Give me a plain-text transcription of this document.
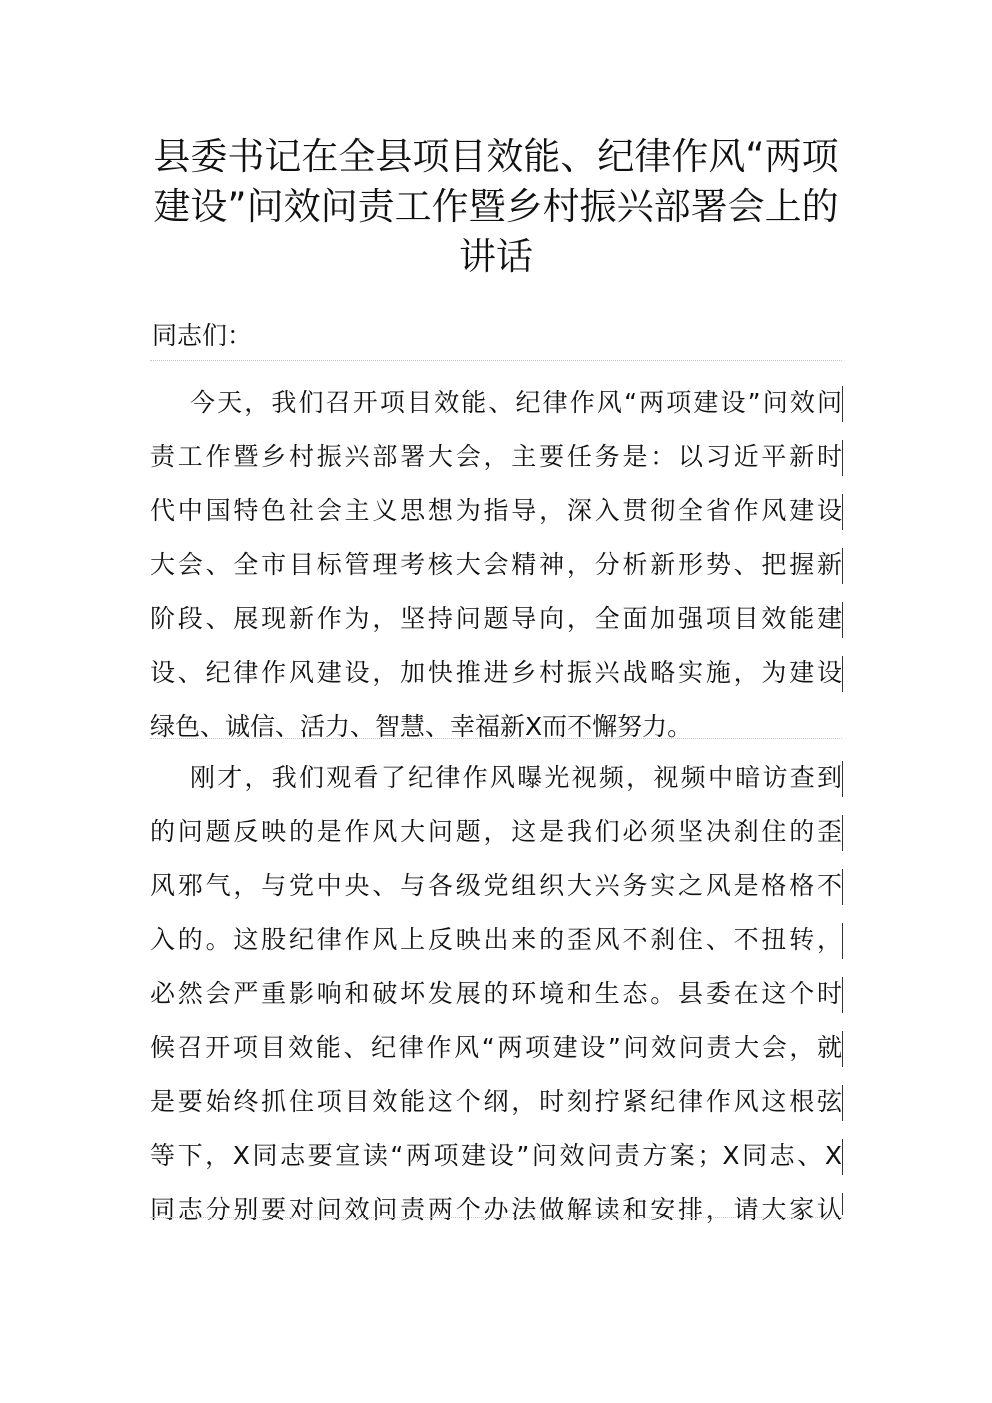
县委书记在全县项目效能、纪律作风“两项
建设”问效问责工作暨乡村振兴部署会上的
讲话

同志们：

今天，我们召开项目效能、纪律作风“两项建设”问效问
责工作暨乡村振兴部署大会，主要任务是：以习近平新时
代中国特色社会主义思想为指导，深入贯彻全省作风建设
大会、全市目标管理考核大会精神，分析新形势、把握新
阶段、展现新作为，坚持问题导向，全面加强项目效能建
设、纪律作风建设，加快推进乡村振兴战略实施，为建设
绿色、诚信、活力、智慧、幸福新X而不懈努力。
刚才，我们观看了纪律作风曝光视频，视频中暗访查到
的问题反映的是作风大问题，这是我们必须坚决刹住的歪
风邪气，与党中央、与各级党组织大兴务实之风是格格不
入的。这股纪律作风上反映出来的歪风不刹住、不扭转，
必然会严重影响和破坏发展的环境和生态。县委在这个时
候召开项目效能、纪律作风“两项建设”问效问责大会，就
是要始终抓住项目效能这个纲，时刻拧紧纪律作风这根弦
等下，X同志要宣读“两项建设”问效问责方案；X同志、X
同志分别要对问效问责两个办法做解读和安排，请大家认
